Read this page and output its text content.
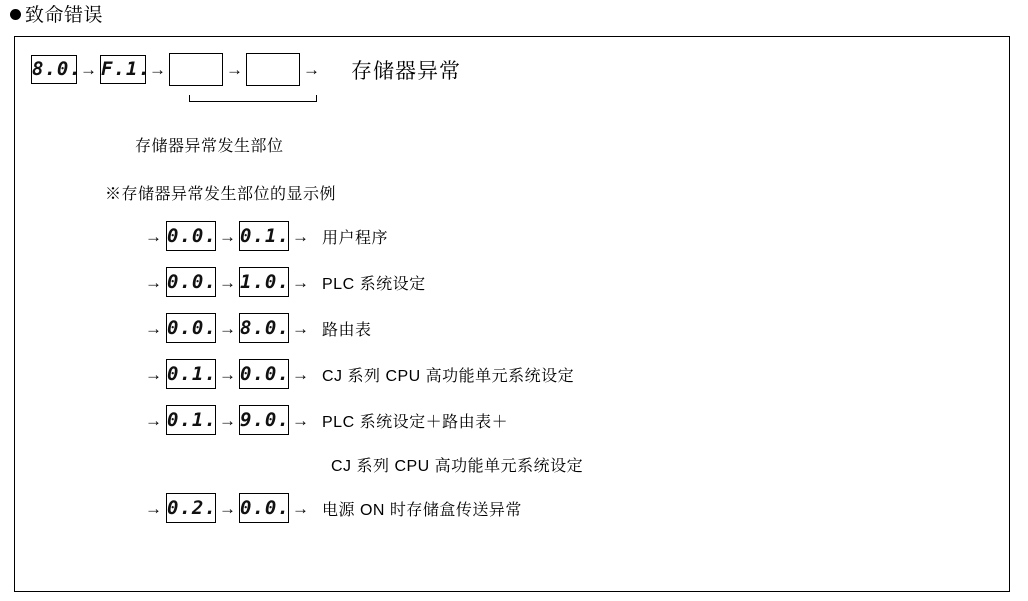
致命错误
8.0.→ F.1.→	→	→ 存储器异常
存储器异常发生部位
※存储器异常发生部位的显示例
→ 0.0. → 0.1. → 用户程序
→ 0.0. → 1.0. → PLC 系统设定
→ 0.0. → 8.0. → 路由表
→ 0.1. → 0.0. → CJ 系列 CPU 高功能单元系统设定
→ 0.1. → 9.0. → PLC 系统设定＋路由表＋
CJ 系列 CPU 高功能单元系统设定
→ 0.2. → 0.0. → 电源 ON 时存储盒传送异常
